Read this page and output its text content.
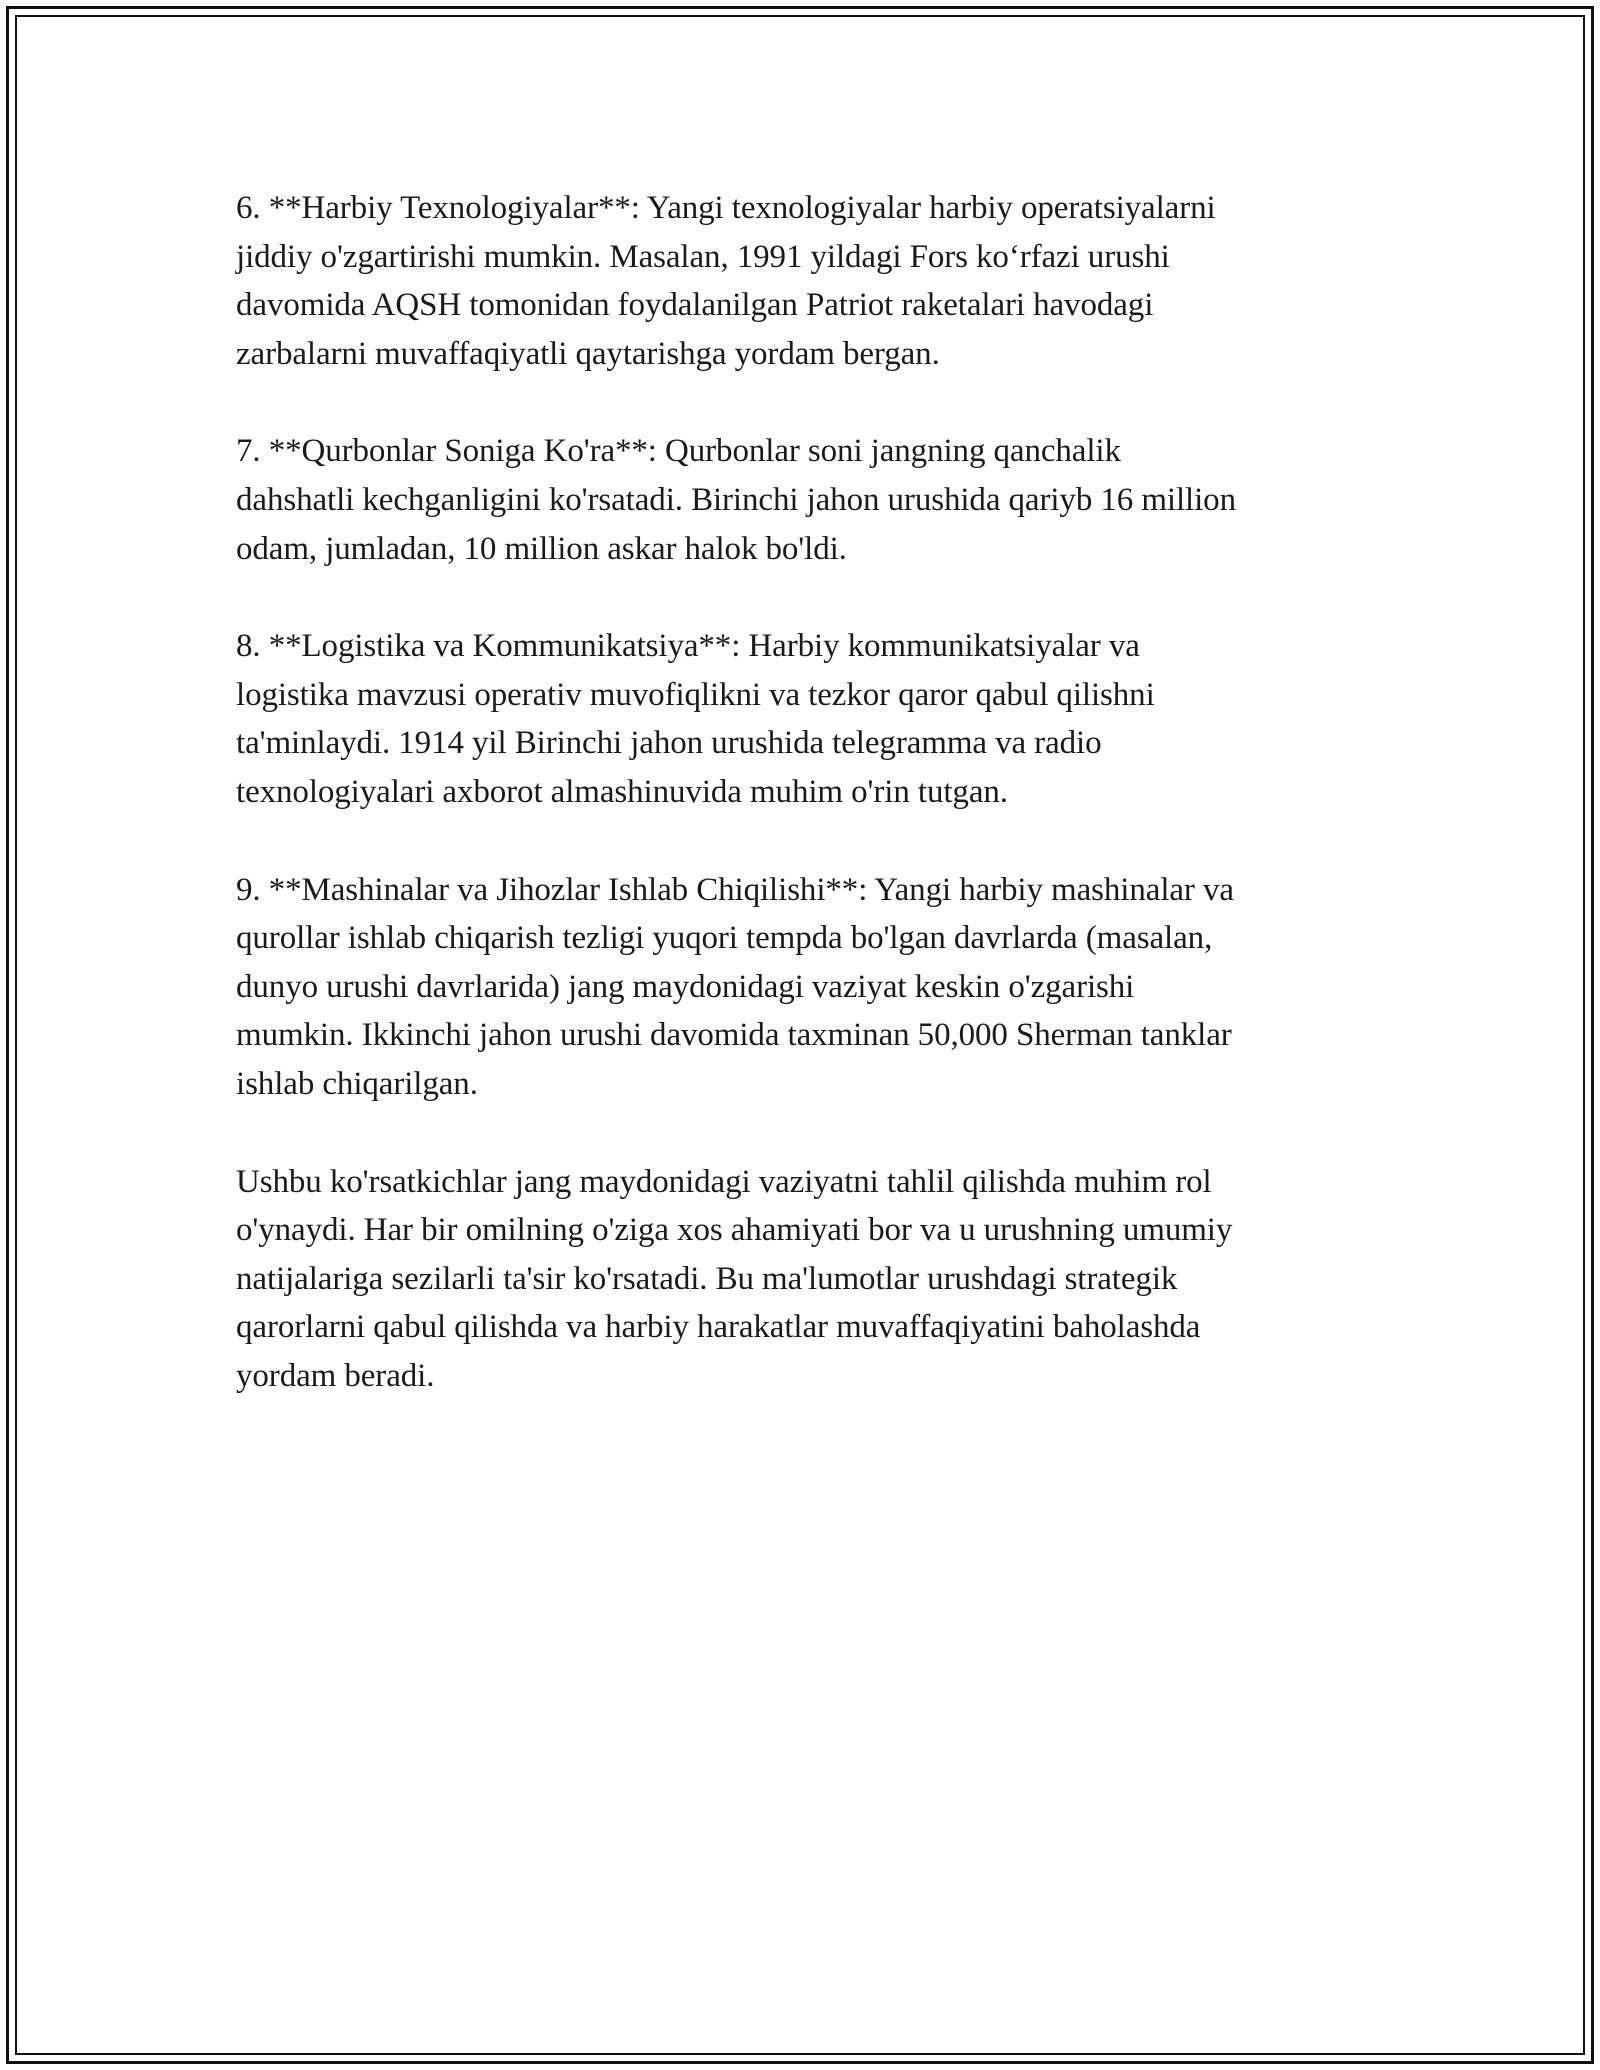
6. **Harbiy Texnologiyalar**: Yangi texnologiyalar harbiy operatsiyalarni
jiddiy o'zgartirishi mumkin. Masalan, 1991 yildagi Fors ko‘rfazi urushi
davomida AQSH tomonidan foydalanilgan Patriot raketalari havodagi
zarbalarni muvaffaqiyatli qaytarishga yordam bergan.

7. **Qurbonlar Soniga Ko'ra**: Qurbonlar soni jangning qanchalik
dahshatli kechganligini ko'rsatadi. Birinchi jahon urushida qariyb 16 million
odam, jumladan, 10 million askar halok bo'ldi.

8. **Logistika va Kommunikatsiya**: Harbiy kommunikatsiyalar va
logistika mavzusi operativ muvofiqlikni va tezkor qaror qabul qilishni
ta'minlaydi. 1914 yil Birinchi jahon urushida telegramma va radio
texnologiyalari axborot almashinuvida muhim o'rin tutgan.

9. **Mashinalar va Jihozlar Ishlab Chiqilishi**: Yangi harbiy mashinalar va
qurollar ishlab chiqarish tezligi yuqori tempda bo'lgan davrlarda (masalan,
dunyo urushi davrlarida) jang maydonidagi vaziyat keskin o'zgarishi
mumkin. Ikkinchi jahon urushi davomida taxminan 50,000 Sherman tanklar
ishlab chiqarilgan.

Ushbu ko'rsatkichlar jang maydonidagi vaziyatni tahlil qilishda muhim rol
o'ynaydi. Har bir omilning o'ziga xos ahamiyati bor va u urushning umumiy
natijalariga sezilarli ta'sir ko'rsatadi. Bu ma'lumotlar urushdagi strategik
qarorlarni qabul qilishda va harbiy harakatlar muvaffaqiyatini baholashda
yordam beradi.
